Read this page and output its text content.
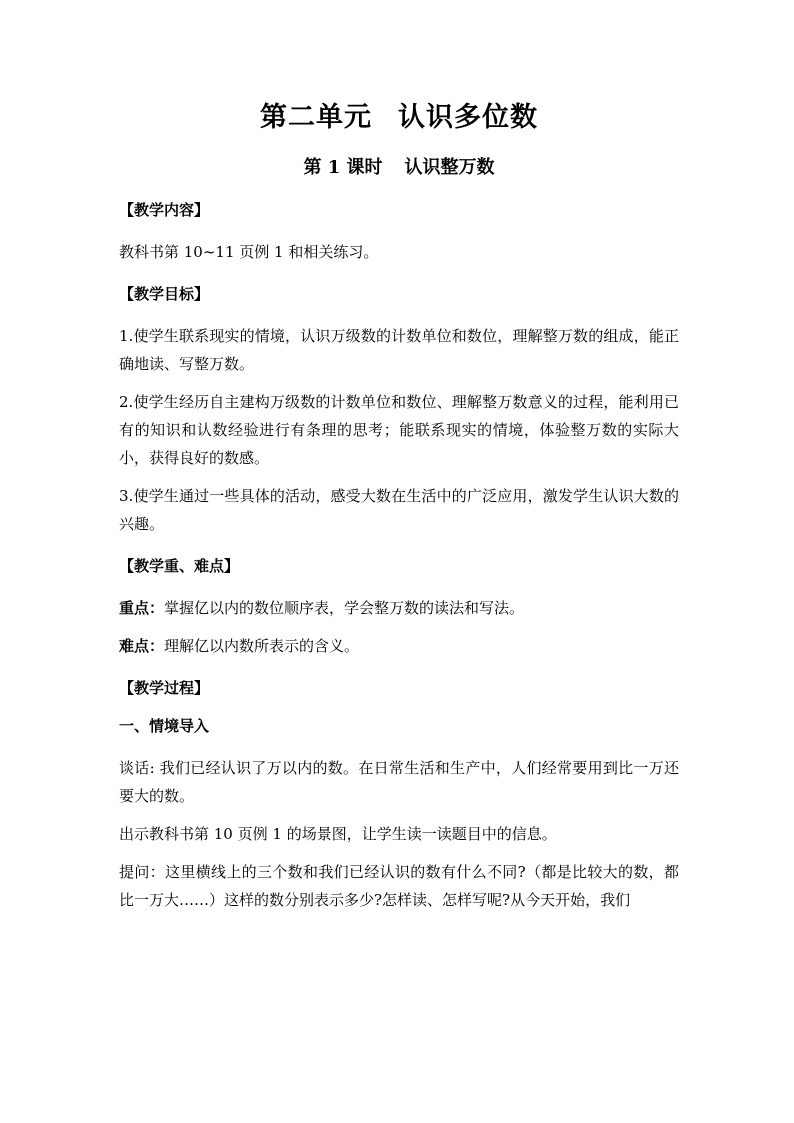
第二单元 认识多位数
第 1 课时 认识整万数
【教学内容】

教科书第 10~11 页例 1 和相关练习。

【教学目标】

1.使学生联系现实的情境，认识万级数的计数单位和数位，理解整万数的组成，能正确地读、写整万数。

2.使学生经历自主建构万级数的计数单位和数位、理解整万数意义的过程，能利用已有的知识和认数经验进行有条理的思考；能联系现实的情境，体验整万数的实际大小，获得良好的数感。

3.使学生通过一些具体的活动，感受大数在生活中的广泛应用，激发学生认识大数的兴趣。

【教学重、难点】

重点：掌握亿以内的数位顺序表，学会整万数的读法和写法。

难点：理解亿以内数所表示的含义。

【教学过程】
一、情境导入

谈话: 我们已经认识了万以内的数。在日常生活和生产中，人们经常要用到比一万还要大的数。

出示教科书第 10 页例 1 的场景图，让学生读一读题目中的信息。

提问：这里横线上的三个数和我们已经认识的数有什么不同?（都是比较大的数，都比一万大……）这样的数分别表示多少?怎样读、怎样写呢?从今天开始，我们
